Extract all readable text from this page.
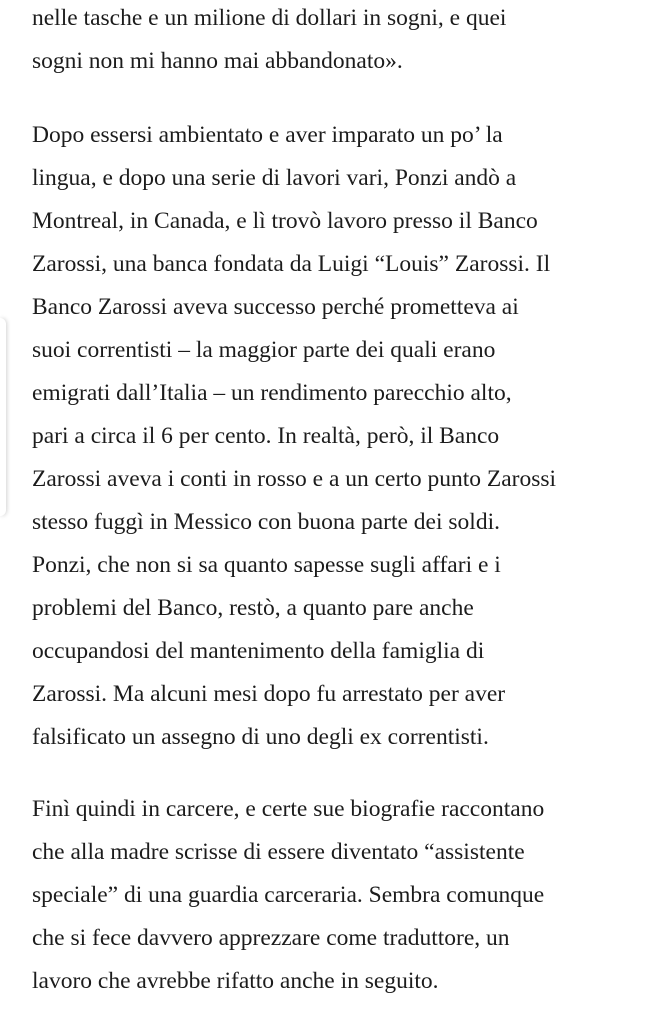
nelle tasche e un milione di dollari in sogni, e quei
sogni non mi hanno mai abbandonato».

Dopo essersi ambientato e aver imparato un po’ la
lingua, e dopo una serie di lavori vari, Ponzi andò a
Montreal, in Canada, e lì trovò lavoro presso il Banco
Zarossi, una banca fondata da Luigi “Louis” Zarossi. Il
Banco Zarossi aveva successo perché prometteva ai
suoi correntisti – la maggior parte dei quali erano
emigrati dall’Italia – un rendimento parecchio alto,
pari a circa il 6 per cento. In realtà, però, il Banco
Zarossi aveva i conti in rosso e a un certo punto Zarossi
stesso fuggì in Messico con buona parte dei soldi.
Ponzi, che non si sa quanto sapesse sugli affari e i
problemi del Banco, restò, a quanto pare anche
occupandosi del mantenimento della famiglia di
Zarossi. Ma alcuni mesi dopo fu arrestato per aver
falsificato un assegno di uno degli ex correntisti.

Finì quindi in carcere, e certe sue biografie raccontano
che alla madre scrisse di essere diventato “assistente
speciale” di una guardia carceraria. Sembra comunque
che si fece davvero apprezzare come traduttore, un
lavoro che avrebbe rifatto anche in seguito.
